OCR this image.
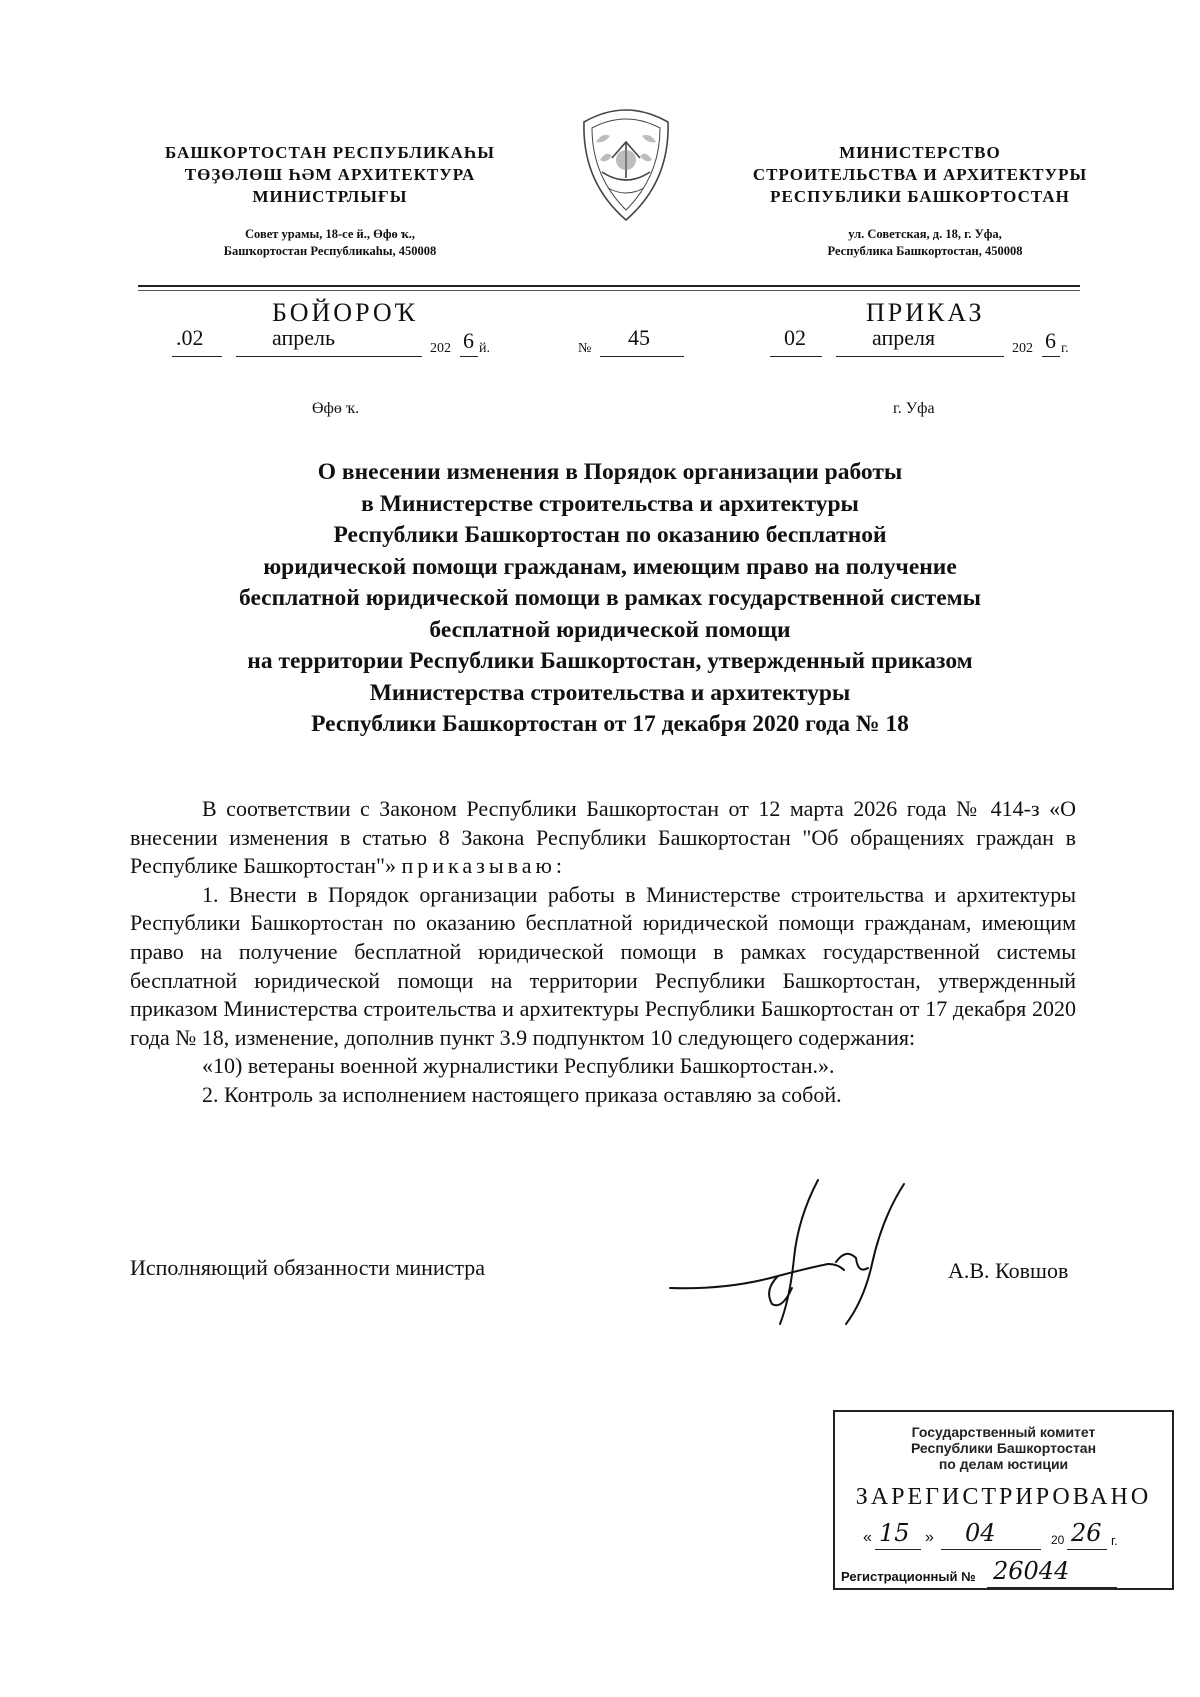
БАШКОРТОСТАН РЕСПУБЛИКАҺЫ
ТӨҘӨЛӨШ ҺӘМ АРХИТЕКТУРА
МИНИСТРЛЫҒЫ
Совет урамы, 18-се й., Өфө ҡ.,
Башҡортостан Республикаһы, 450008
МИНИСТЕРСТВО
СТРОИТЕЛЬСТВА И АРХИТЕКТУРЫ
РЕСПУБЛИКИ БАШКОРТОСТАН
ул. Советская, д. 18, г. Уфа,
Республика Башкортостан, 450008
БОЙОРОҠ	ПРИКАЗ
.02	апрель	202 6 й.	№ 45	02	апреля	202 6 г.
Өфө ҡ.	г. Уфа
О внесении изменения в Порядок организации работы
в Министерстве строительства и архитектуры
Республики Башкортостан по оказанию бесплатной
юридической помощи гражданам, имеющим право на получение
бесплатной юридической помощи в рамках государственной системы
бесплатной юридической помощи
на территории Республики Башкортостан, утвержденный приказом
Министерства строительства и архитектуры
Республики Башкортостан от 17 декабря 2020 года № 18
В соответствии с Законом Республики Башкортостан от 12 марта 2026 года № 414-з «О внесении изменения в статью 8 Закона Республики Башкортостан "Об обращениях граждан в Республике Башкортостан"» приказываю:
1. Внести в Порядок организации работы в Министерстве строительства и архитектуры Республики Башкортостан по оказанию бесплатной юридической помощи гражданам, имеющим право на получение бесплатной юридической помощи в рамках государственной системы бесплатной юридической помощи на территории Республики Башкортостан, утвержденный приказом Министерства строительства и архитектуры Республики Башкортостан от 17 декабря 2020 года № 18, изменение, дополнив пункт 3.9 подпунктом 10 следующего содержания:
«10) ветераны военной журналистики Республики Башкортостан.».
2. Контроль за исполнением настоящего приказа оставляю за собой.
Исполняющий обязанности министра	А.В. Ковшов
Государственный комитет
Республики Башкортостан
по делам юстиции
ЗАРЕГИСТРИРОВАНО
« 15 » 04	20 26 г.
Регистрационный № 26044
